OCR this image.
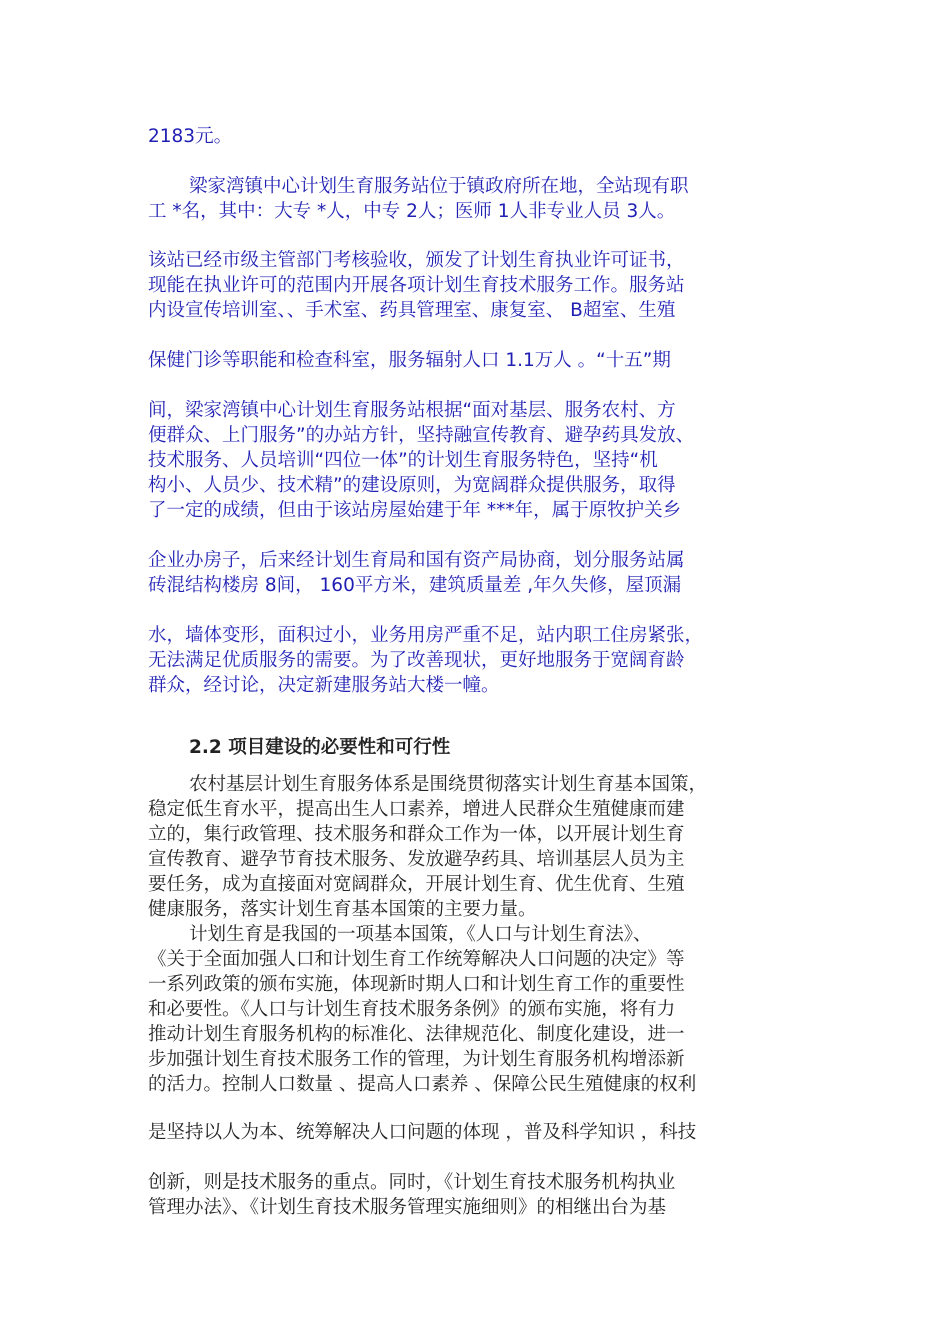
2183元。
梁家湾镇中心计划生育服务站位于镇政府所在地，全站现有职
工 *名，其中：大专 *人，中专 2人；医师 1人非专业人员 3人。
该站已经市级主管部门考核验收，颁发了计划生育执业许可证书，
现能在执业许可的范围内开展各项计划生育技术服务工作。服务站
内设宣传培训室、、手术室、药具管理室、康复室、 B超室、生殖
保健门诊等职能和检查科室，服务辐射人口 1.1万人 。“十五”期
间，梁家湾镇中心计划生育服务站根据“面对基层、服务农村、方
便群众、上门服务”的办站方针，坚持融宣传教育、避孕药具发放、
技术服务、人员培训“四位一体”的计划生育服务特色，坚持“机
构小、人员少、技术精”的建设原则，为宽阔群众提供服务，取得
了一定的成绩，但由于该站房屋始建于年 ***年，属于原牧护关乡
企业办房子，后来经计划生育局和国有资产局协商，划分服务站属
砖混结构楼房 8间， 160平方米，建筑质量差 ,年久失修，屋顶漏
水，墙体变形，面积过小，业务用房严重不足，站内职工住房紧张，
无法满足优质服务的需要。为了改善现状，更好地服务于宽阔育龄
群众，经讨论，决定新建服务站大楼一幢。
2.2 项目建设的必要性和可行性
农村基层计划生育服务体系是围绕贯彻落实计划生育基本国策，
稳定低生育水平，提高出生人口素养，增进人民群众生殖健康而建
立的，集行政管理、技术服务和群众工作为一体，以开展计划生育
宣传教育、避孕节育技术服务、发放避孕药具、培训基层人员为主
要任务，成为直接面对宽阔群众，开展计划生育、优生优育、生殖
健康服务，落实计划生育基本国策的主要力量。
计划生育是我国的一项基本国策，《人口与计划生育法》、
《关于全面加强人口和计划生育工作统筹解决人口问题的决定》等
一系列政策的颁布实施，体现新时期人口和计划生育工作的重要性
和必要性。《人口与计划生育技术服务条例》的颁布实施，将有力
推动计划生育服务机构的标准化、法律规范化、制度化建设，进一
步加强计划生育技术服务工作的管理，为计划生育服务机构增添新
的活力。控制人口数量 、提高人口素养 、保障公民生殖健康的权利
是坚持以人为本、统筹解决人口问题的体现 ，普及科学知识 ，科技
创新，则是技术服务的重点。同时，《计划生育技术服务机构执业
管理办法》、《计划生育技术服务管理实施细则》的相继出台为基
